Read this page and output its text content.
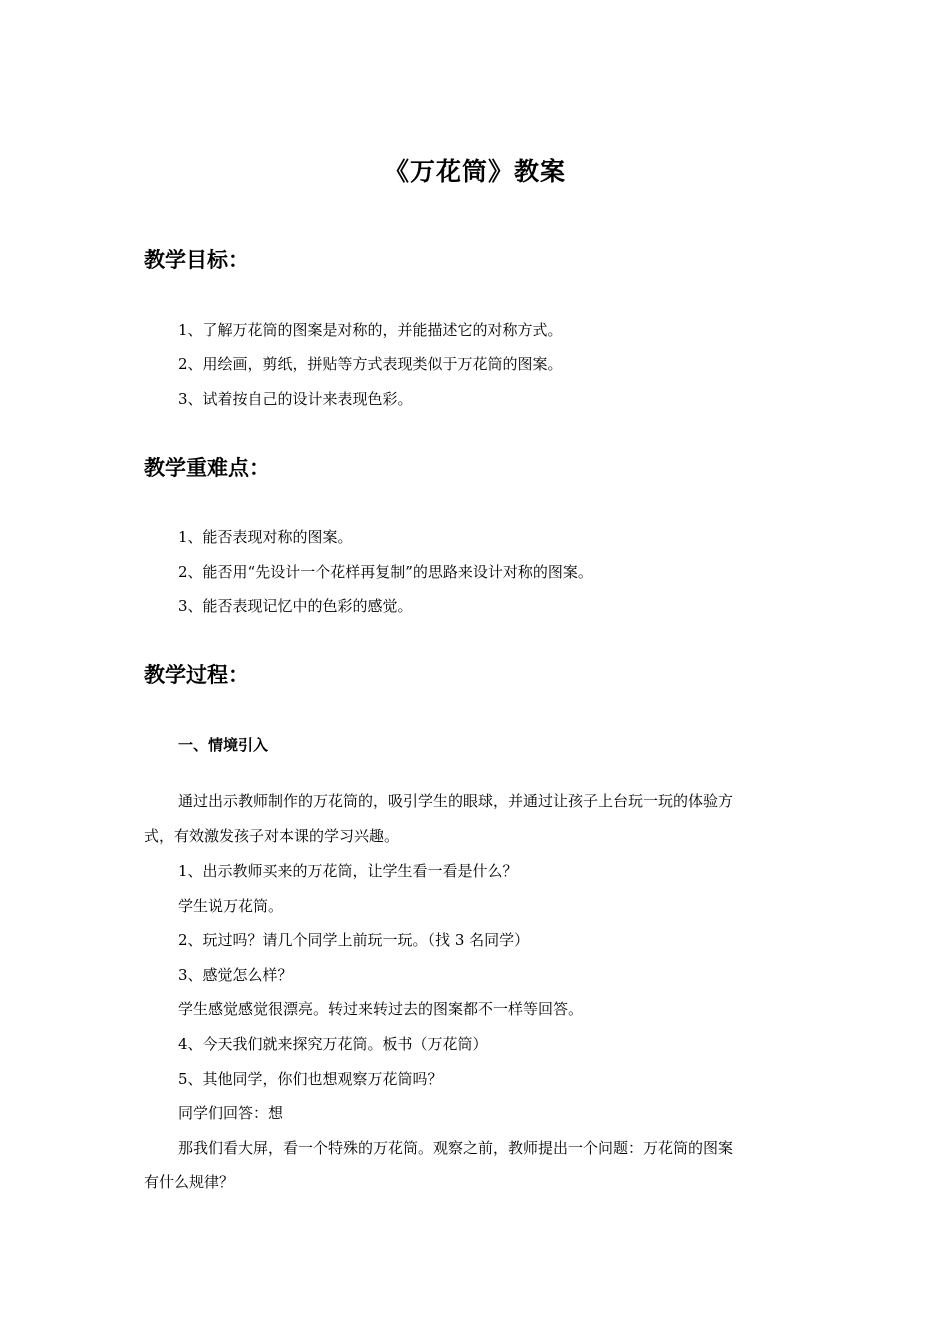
《万花筒》教案
教学目标：
1、了解万花筒的图案是对称的，并能描述它的对称方式。
2、用绘画，剪纸，拼贴等方式表现类似于万花筒的图案。
3、试着按自己的设计来表现色彩。
教学重难点：
1、能否表现对称的图案。
2、能否用“先设计一个花样再复制”的思路来设计对称的图案。
3、能否表现记忆中的色彩的感觉。
教学过程：
一、情境引入
通过出示教师制作的万花筒的，吸引学生的眼球，并通过让孩子上台玩一玩的体验方
式，有效激发孩子对本课的学习兴趣。
1、出示教师买来的万花筒，让学生看一看是什么？
学生说万花筒。
2、玩过吗？请几个同学上前玩一玩。（找 3 名同学）
3、感觉怎么样？
学生感觉感觉很漂亮。转过来转过去的图案都不一样等回答。
4、今天我们就来探究万花筒。板书（万花筒）
5、其他同学，你们也想观察万花筒吗？
同学们回答：想
那我们看大屏，看一个特殊的万花筒。观察之前，教师提出一个问题：万花筒的图案
有什么规律？
